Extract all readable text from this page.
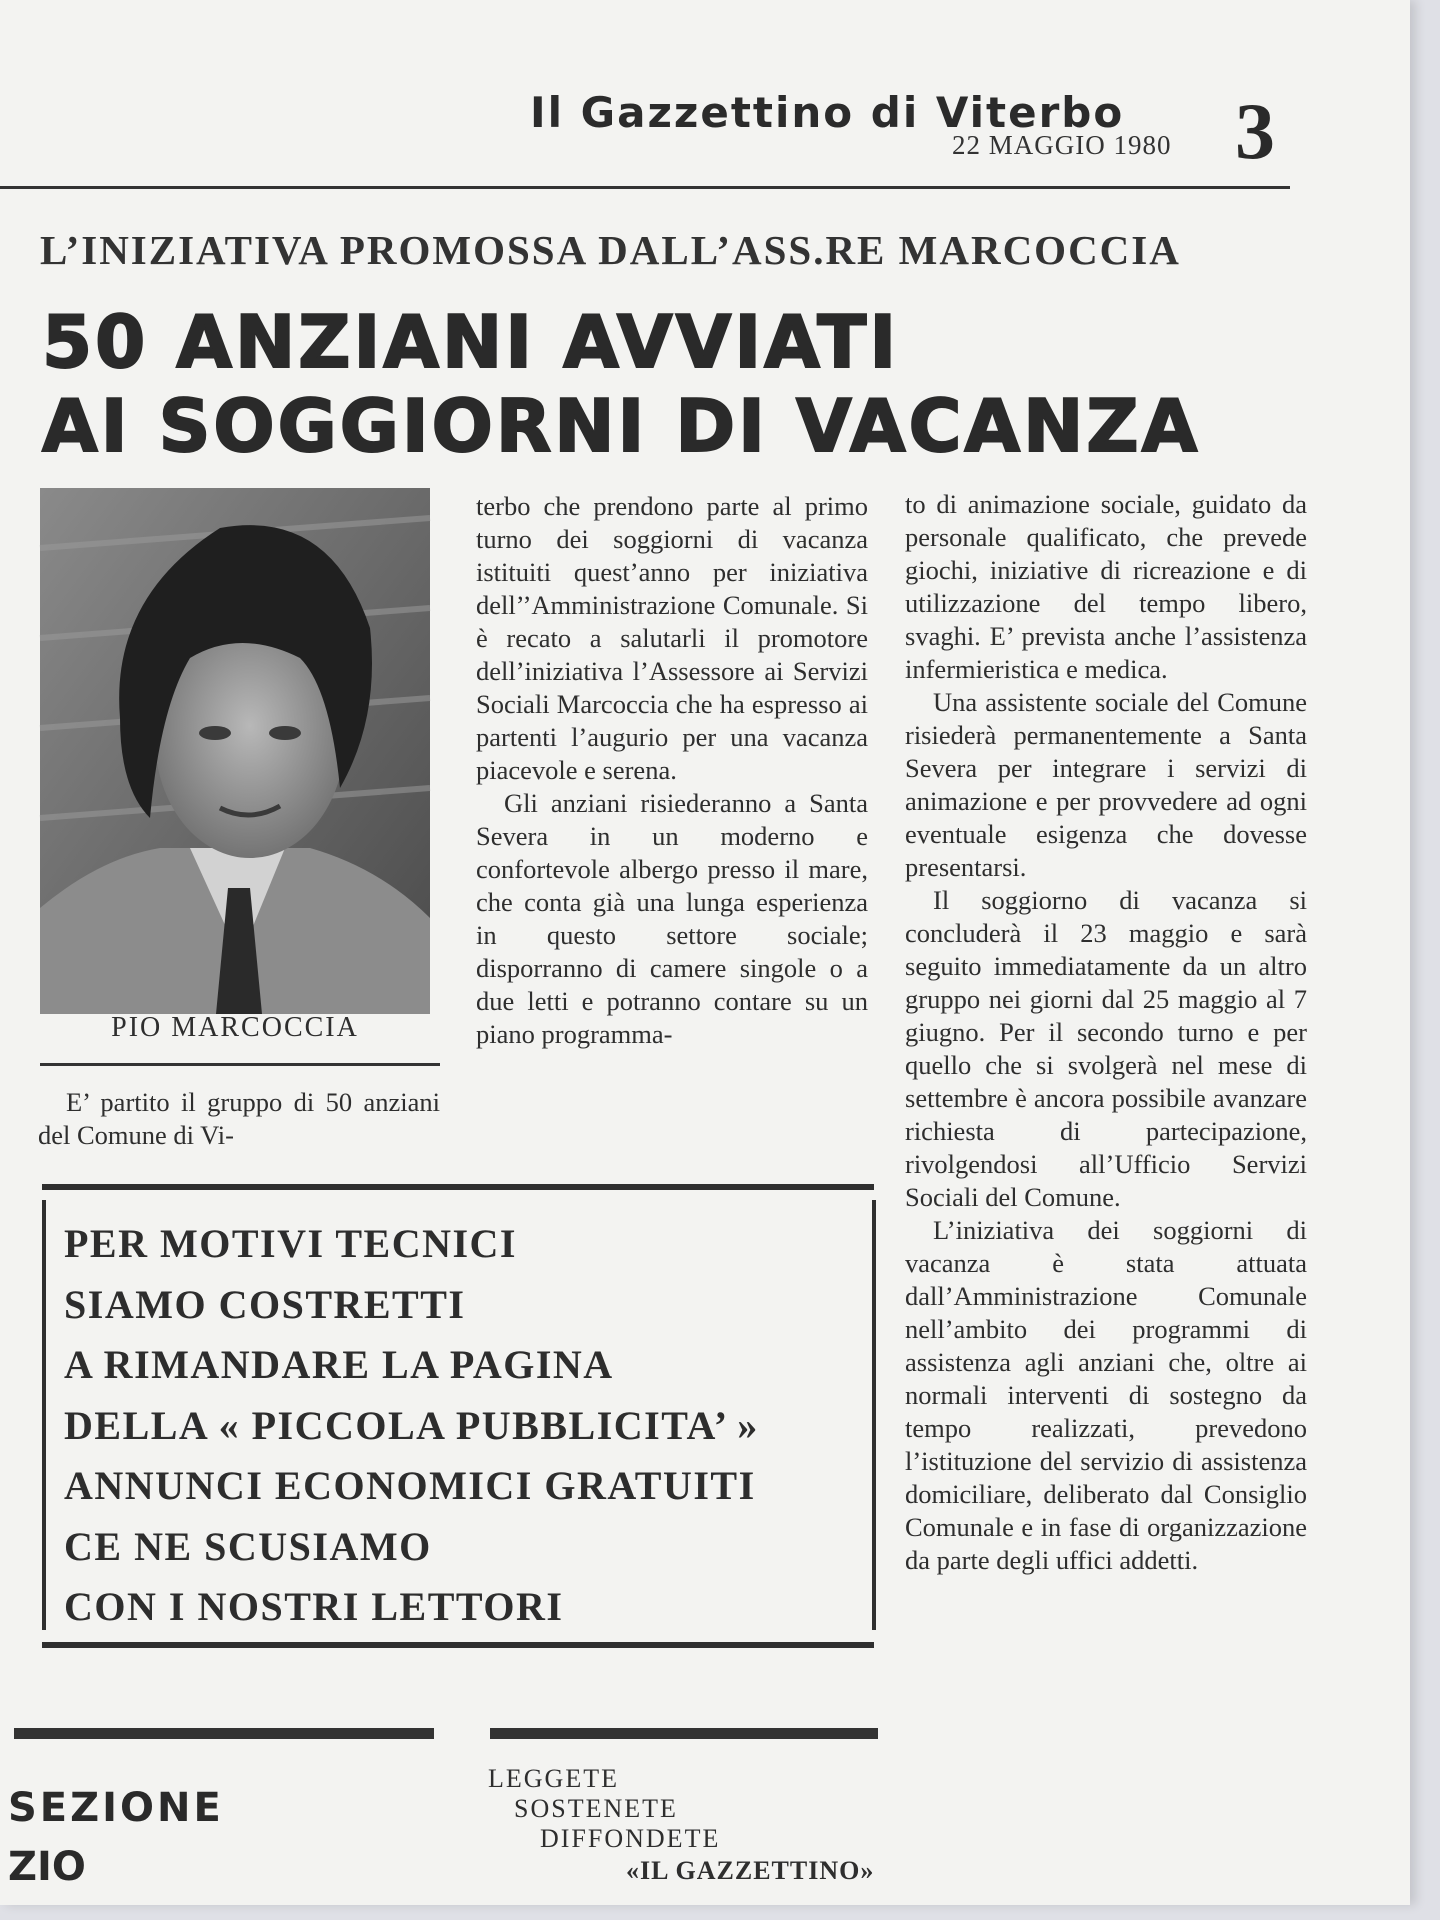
Il Gazzettino di Viterbo
22 MAGGIO 1980 3
L’INIZIATIVA PROMOSSA DALL’ASS.RE MARCOCCIA
50 ANZIANI AVVIATI
AI SOGGIORNI DI VACANZA
PIO MARCOCCIA

E’ partito il gruppo di 50 anziani del Comune di Vi-

terbo che prendono parte al primo turno dei soggiorni di vacanza istituiti quest’anno per iniziativa dell’’Amministrazione Comunale. Si è recato a salutarli il promotore dell’iniziativa l’Assessore ai Servizi Sociali Marcoccia che ha espresso ai partenti l’augurio per una vacanza piacevole e serena.

Gli anziani risiederanno a Santa Severa in un moderno e confortevole albergo presso il mare, che conta già una lunga esperienza in questo settore sociale; disporranno di camere singole o a due letti e potranno contare su un piano programma-

to di animazione sociale, guidato da personale qualificato, che prevede giochi, iniziative di ricreazione e di utilizzazione del tempo libero, svaghi. E’ prevista anche l’assistenza infermieristica e medica.

Una assistente sociale del Comune risiederà permanentemente a Santa Severa per integrare i servizi di animazione e per provvedere ad ogni eventuale esigenza che dovesse presentarsi.

Il soggiorno di vacanza si concluderà il 23 maggio e sarà seguito immediatamente da un altro gruppo nei giorni dal 25 maggio al 7 giugno. Per il secondo turno e per quello che si svolgerà nel mese di settembre è ancora possibile avanzare richiesta di partecipazione, rivolgendosi all’Ufficio Servizi Sociali del Comune.

L’iniziativa dei soggiorni di vacanza è stata attuata dall’Amministrazione Comunale nell’ambito dei programmi di assistenza agli anziani che, oltre ai normali interventi di sostegno da tempo realizzati, prevedono l’istituzione del servizio di assistenza domiciliare, deliberato dal Consiglio Comunale e in fase di organizzazione da parte degli uffici addetti.

PER MOTIVI TECNICI
SIAMO COSTRETTI
A RIMANDARE LA PAGINA
DELLA « PICCOLA PUBBLICITA’ »
ANNUNCI ECONOMICI GRATUITI
CE NE SCUSIAMO
CON I NOSTRI LETTORI
SEZIONE
ZIO
LEGGETE
SOSTENETE
DIFFONDETE
«IL GAZZETTINO»
